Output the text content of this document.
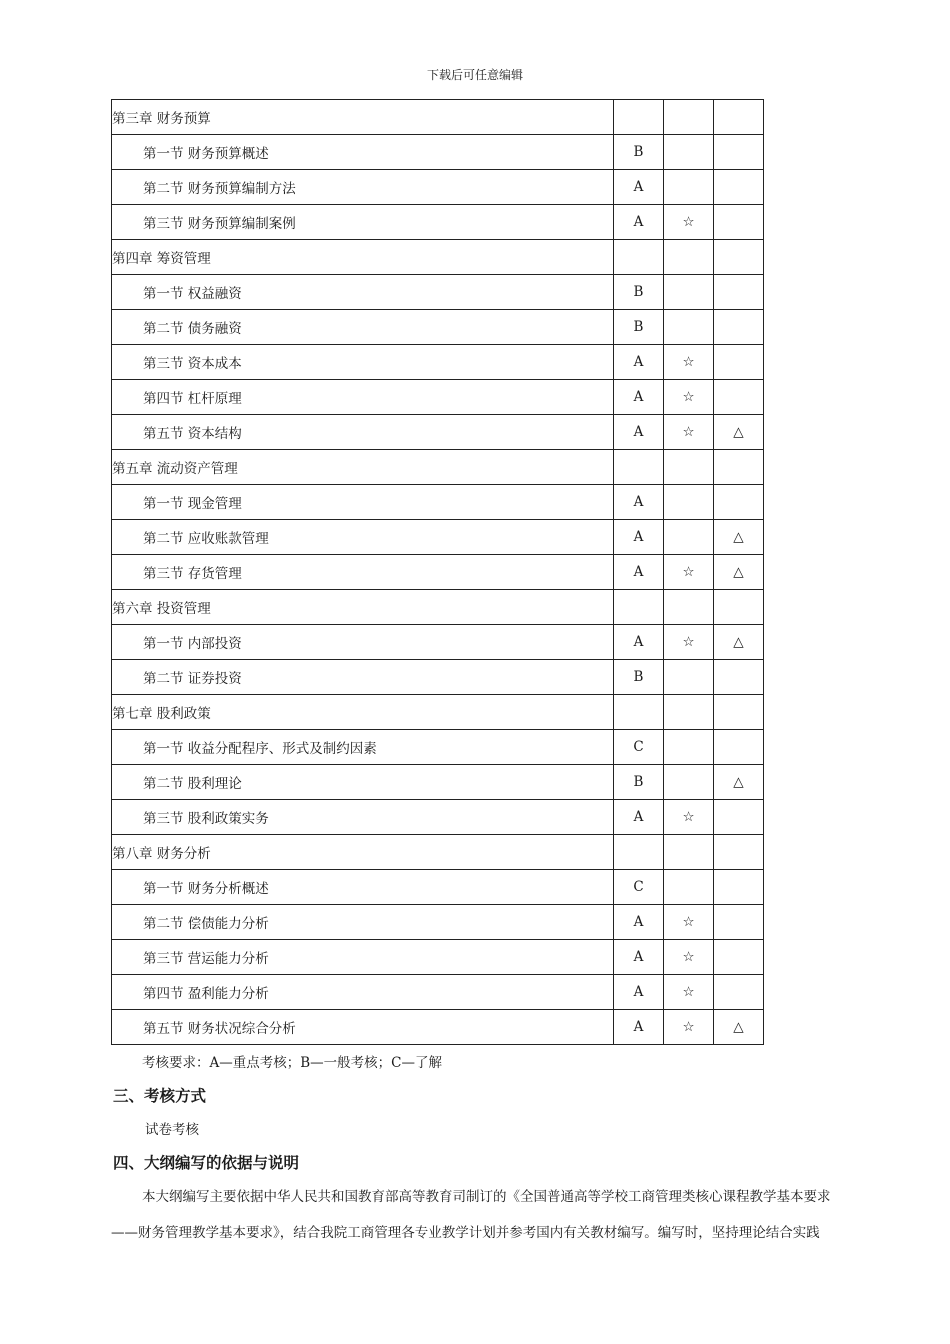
下载后可任意编辑
第三章 财务预算			
第一节 财务预算概述	B		
第二节 财务预算编制方法	A		
第三节 财务预算编制案例	A	☆	
第四章 筹资管理			
第一节 权益融资	B		
第二节 债务融资	B		
第三节 资本成本	A	☆	
第四节 杠杆原理	A	☆	
第五节 资本结构	A	☆	△
第五章 流动资产管理			
第一节 现金管理	A		
第二节 应收账款管理	A		△
第三节 存货管理	A	☆	△
第六章 投资管理			
第一节 内部投资	A	☆	△
第二节 证券投资	B		
第七章 股利政策			
第一节 收益分配程序、形式及制约因素	C		
第二节 股利理论	B		△
第三节 股利政策实务	A	☆	
第八章 财务分析			
第一节 财务分析概述	C		
第二节 偿债能力分析	A	☆	
第三节 营运能力分析	A	☆	
第四节 盈利能力分析	A	☆	
第五节 财务状况综合分析	A	☆	△
考核要求：A—重点考核；B—一般考核；C—了解
三、考核方式
试卷考核
四、大纲编写的依据与说明
本大纲编写主要依据中华人民共和国教育部高等教育司制订的《全国普通高等学校工商管理类核心课程教学基本要求
——财务管理教学基本要求》，结合我院工商管理各专业教学计划并参考国内有关教材编写。编写时，坚持理论结合实践
